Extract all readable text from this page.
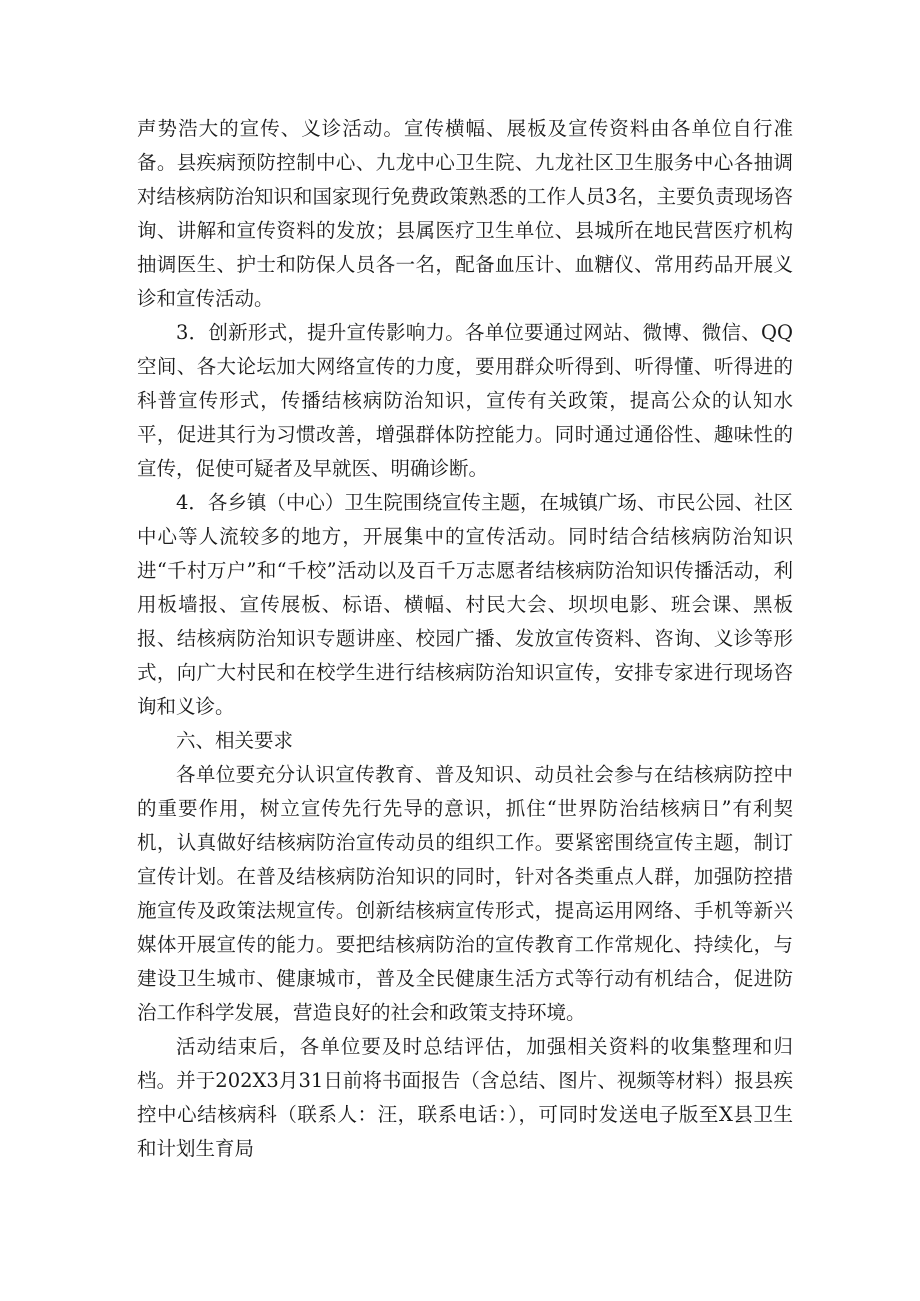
声势浩大的宣传、义诊活动。宣传横幅、展板及宣传资料由各单位自行准备。县疾病预防控制中心、九龙中心卫生院、九龙社区卫生服务中心各抽调对结核病防治知识和国家现行免费政策熟悉的工作人员3名，主要负责现场咨询、讲解和宣传资料的发放；县属医疗卫生单位、县城所在地民营医疗机构抽调医生、护士和防保人员各一名，配备血压计、血糖仪、常用药品开展义诊和宣传活动。

3．创新形式，提升宣传影响力。各单位要通过网站、微博、微信、QQ空间、各大论坛加大网络宣传的力度，要用群众听得到、听得懂、听得进的科普宣传形式，传播结核病防治知识，宣传有关政策，提高公众的认知水平，促进其行为习惯改善，增强群体防控能力。同时通过通俗性、趣味性的宣传，促使可疑者及早就医、明确诊断。

4．各乡镇（中心）卫生院围绕宣传主题，在城镇广场、市民公园、社区中心等人流较多的地方，开展集中的宣传活动。同时结合结核病防治知识进“千村万户”和“千校”活动以及百千万志愿者结核病防治知识传播活动，利用板墙报、宣传展板、标语、横幅、村民大会、坝坝电影、班会课、黑板报、结核病防治知识专题讲座、校园广播、发放宣传资料、咨询、义诊等形式，向广大村民和在校学生进行结核病防治知识宣传，安排专家进行现场咨询和义诊。

六、相关要求

各单位要充分认识宣传教育、普及知识、动员社会参与在结核病防控中的重要作用，树立宣传先行先导的意识，抓住“世界防治结核病日”有利契机，认真做好结核病防治宣传动员的组织工作。要紧密围绕宣传主题，制订宣传计划。在普及结核病防治知识的同时，针对各类重点人群，加强防控措施宣传及政策法规宣传。创新结核病宣传形式，提高运用网络、手机等新兴媒体开展宣传的能力。要把结核病防治的宣传教育工作常规化、持续化，与建设卫生城市、健康城市，普及全民健康生活方式等行动有机结合，促进防治工作科学发展，营造良好的社会和政策支持环境。

活动结束后，各单位要及时总结评估，加强相关资料的收集整理和归档。并于202X3月31日前将书面报告（含总结、图片、视频等材料）报县疾控中心结核病科（联系人：汪，联系电话：），可同时发送电子版至X县卫生和计划生育局
